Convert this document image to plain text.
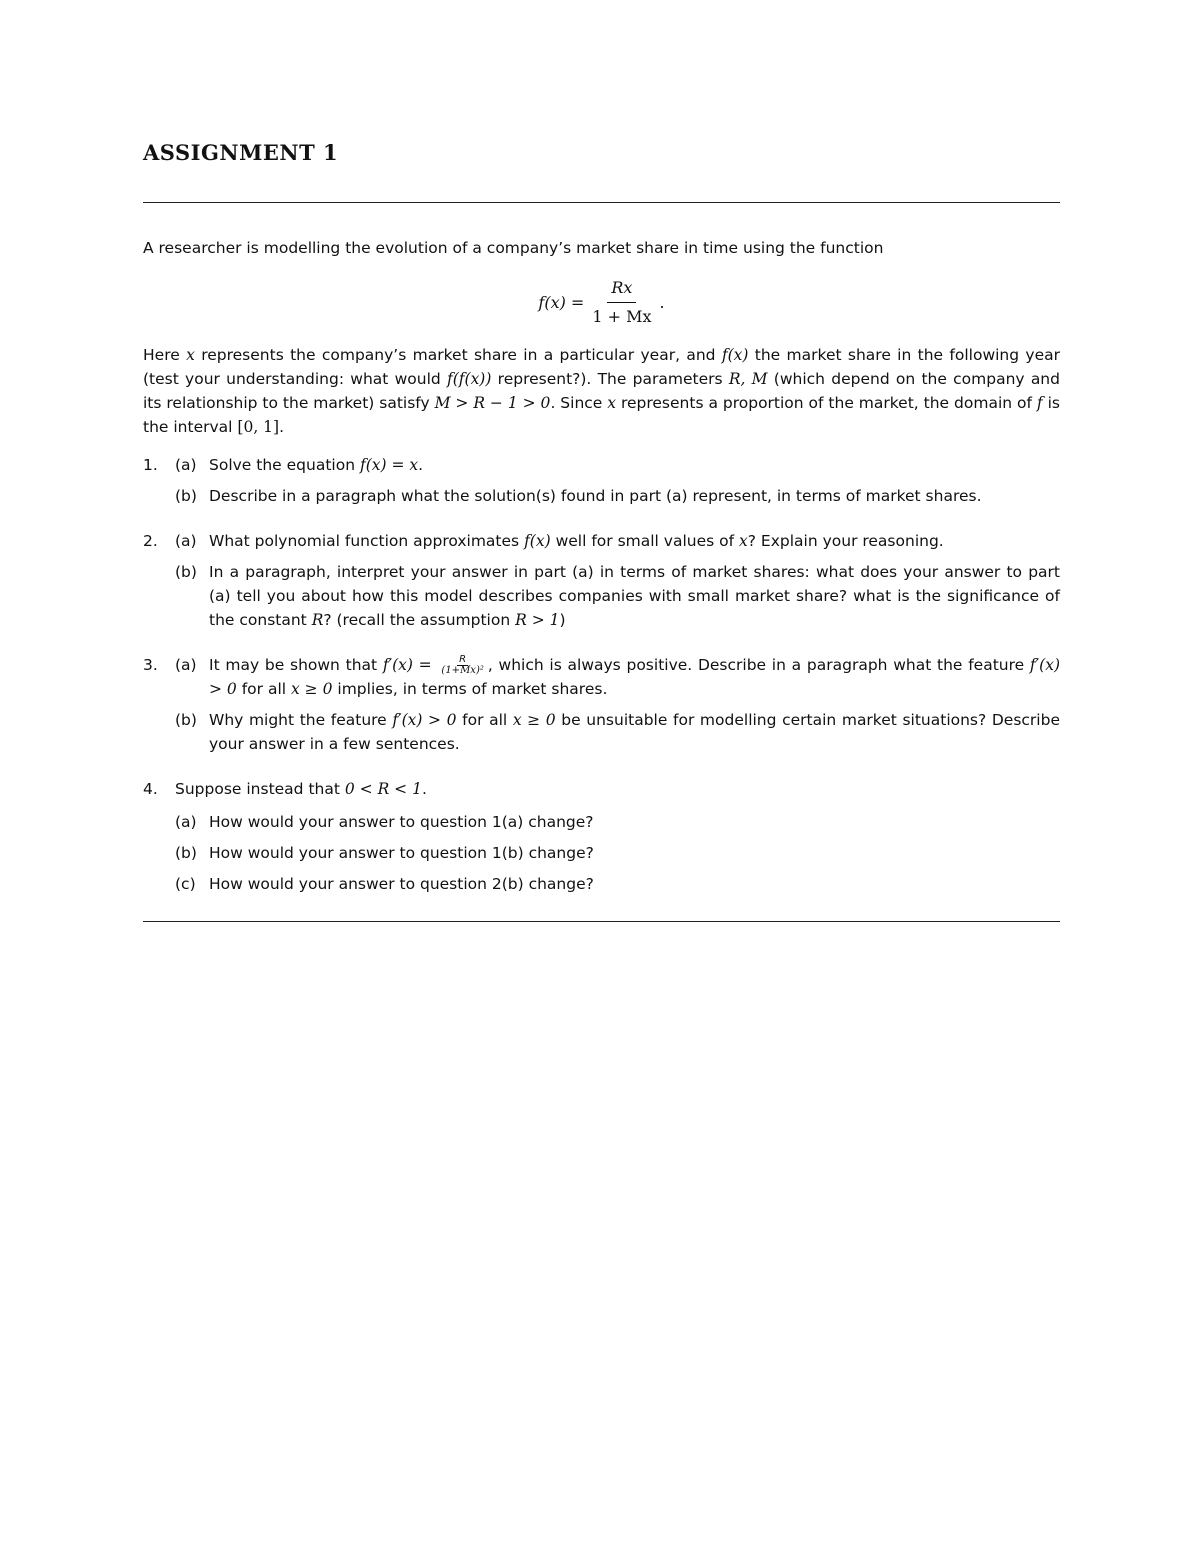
ASSIGNMENT 1

A researcher is modelling the evolution of a company’s market share in time using the function

$f(x) = \frac{Rx}{1 + Mx}$ .

Here x represents the company’s market share in a particular year, and f(x) the market share in the following year (test your understanding: what would f(f(x)) represent?). The parameters R, M (which depend on the company and its relationship to the market) satisfy M > R − 1 > 0. Since x represents a proportion of the market, the domain of f is the interval [0, 1].

1.	(a) Solve the equation f(x) = x.
(b) Describe in a paragraph what the solution(s) found in part (a) represent, in terms of market shares.
2.	(a) What polynomial function approximates f(x) well for small values of x? Explain your reasoning.
(b) In a paragraph, interpret your answer in part (a) in terms of market shares: what does your answer to part (a) tell you about how this model describes companies with small market share? what is the significance of the constant R? (recall the assumption R > 1)
3.	(a) It may be shown that $f'(x) = \frac{R}{\text{(1+Mx)²}}$ , which is always positive. Describe in a paragraph what the feature f′(x) > 0 for all x ≥ 0 implies, in terms of market shares.
(b) Why might the feature f′(x) > 0 for all x ≥ 0 be unsuitable for modelling certain market situations? Describe your answer in a few sentences.
4.	Suppose instead that 0 < R < 1.
(a) How would your answer to question 1(a) change?
(b) How would your answer to question 1(b) change?
(c) How would your answer to question 2(b) change?
